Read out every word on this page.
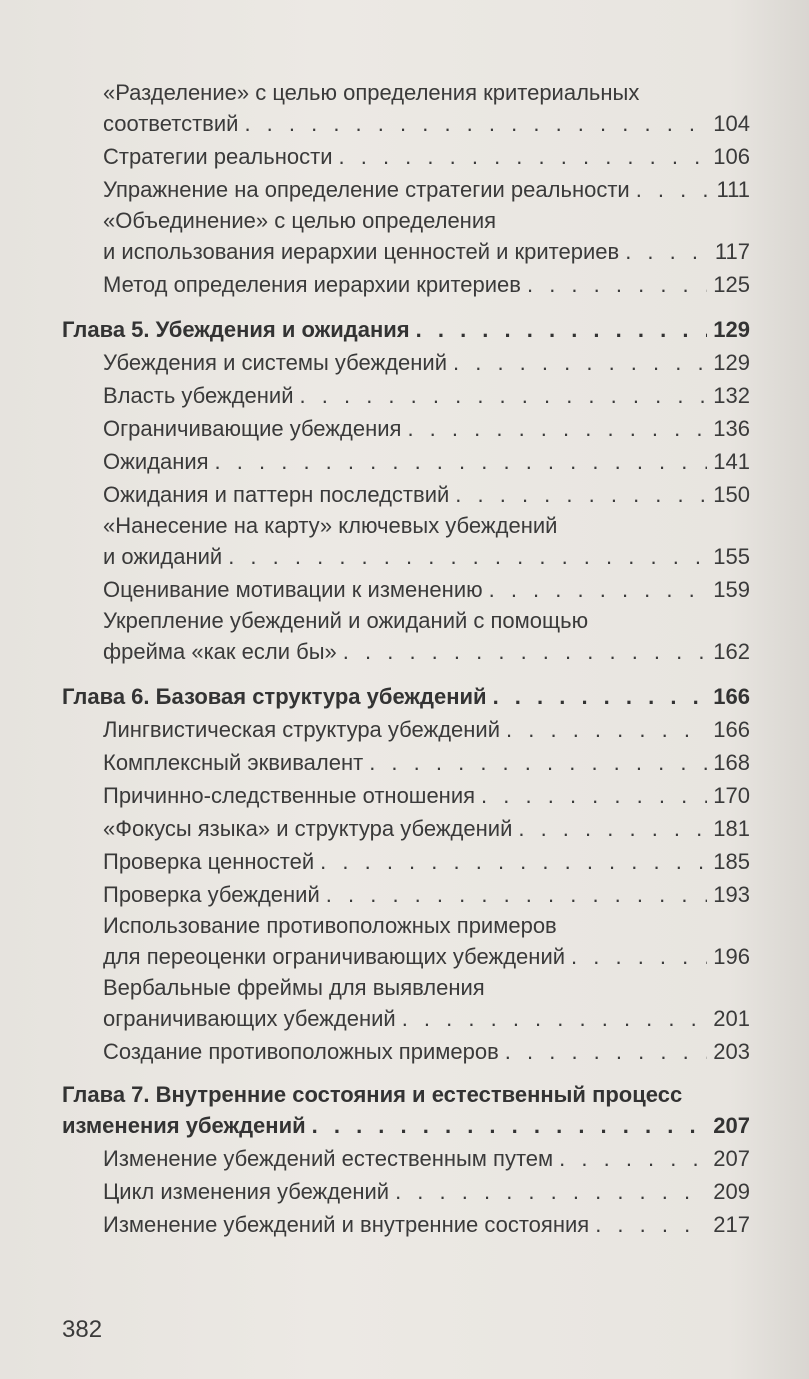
«Разделение» с целью определения критериальных
соответствий . . .	104
Стратегии реальности . . .	106
Упражнение на определение стратегии реальности . . .	111
«Объединение» с целью определения
и использования иерархии ценностей и критериев . . .	117
Метод определения иерархии критериев . . .	125
Глава 5. Убеждения и ожидания . . .	129
Убеждения и системы убеждений . . .	129
Власть убеждений . . .	132
Ограничивающие убеждения . . .	136
Ожидания . . .	141
Ожидания и паттерн последствий . . .	150
«Нанесение на карту» ключевых убеждений
и ожиданий . . .	155
Оценивание мотивации к изменению . . .	159
Укрепление убеждений и ожиданий с помощью
фрейма «как если бы» . . .	162
Глава 6. Базовая структура убеждений . . .	166
Лингвистическая структура убеждений . . .	166
Комплексный эквивалент . . .	168
Причинно-следственные отношения . . .	170
«Фокусы языка» и структура убеждений . . .	181
Проверка ценностей . . .	185
Проверка убеждений . . .	193
Использование противоположных примеров
для переоценки ограничивающих убеждений . . .	196
Вербальные фреймы для выявления
ограничивающих убеждений . . .	201
Создание противоположных примеров . . .	203
Глава 7. Внутренние состояния и естественный процесс
изменения убеждений . . .	207
Изменение убеждений естественным путем . . .	207
Цикл изменения убеждений . . .	209
Изменение убеждений и внутренние состояния . . .	217
382
